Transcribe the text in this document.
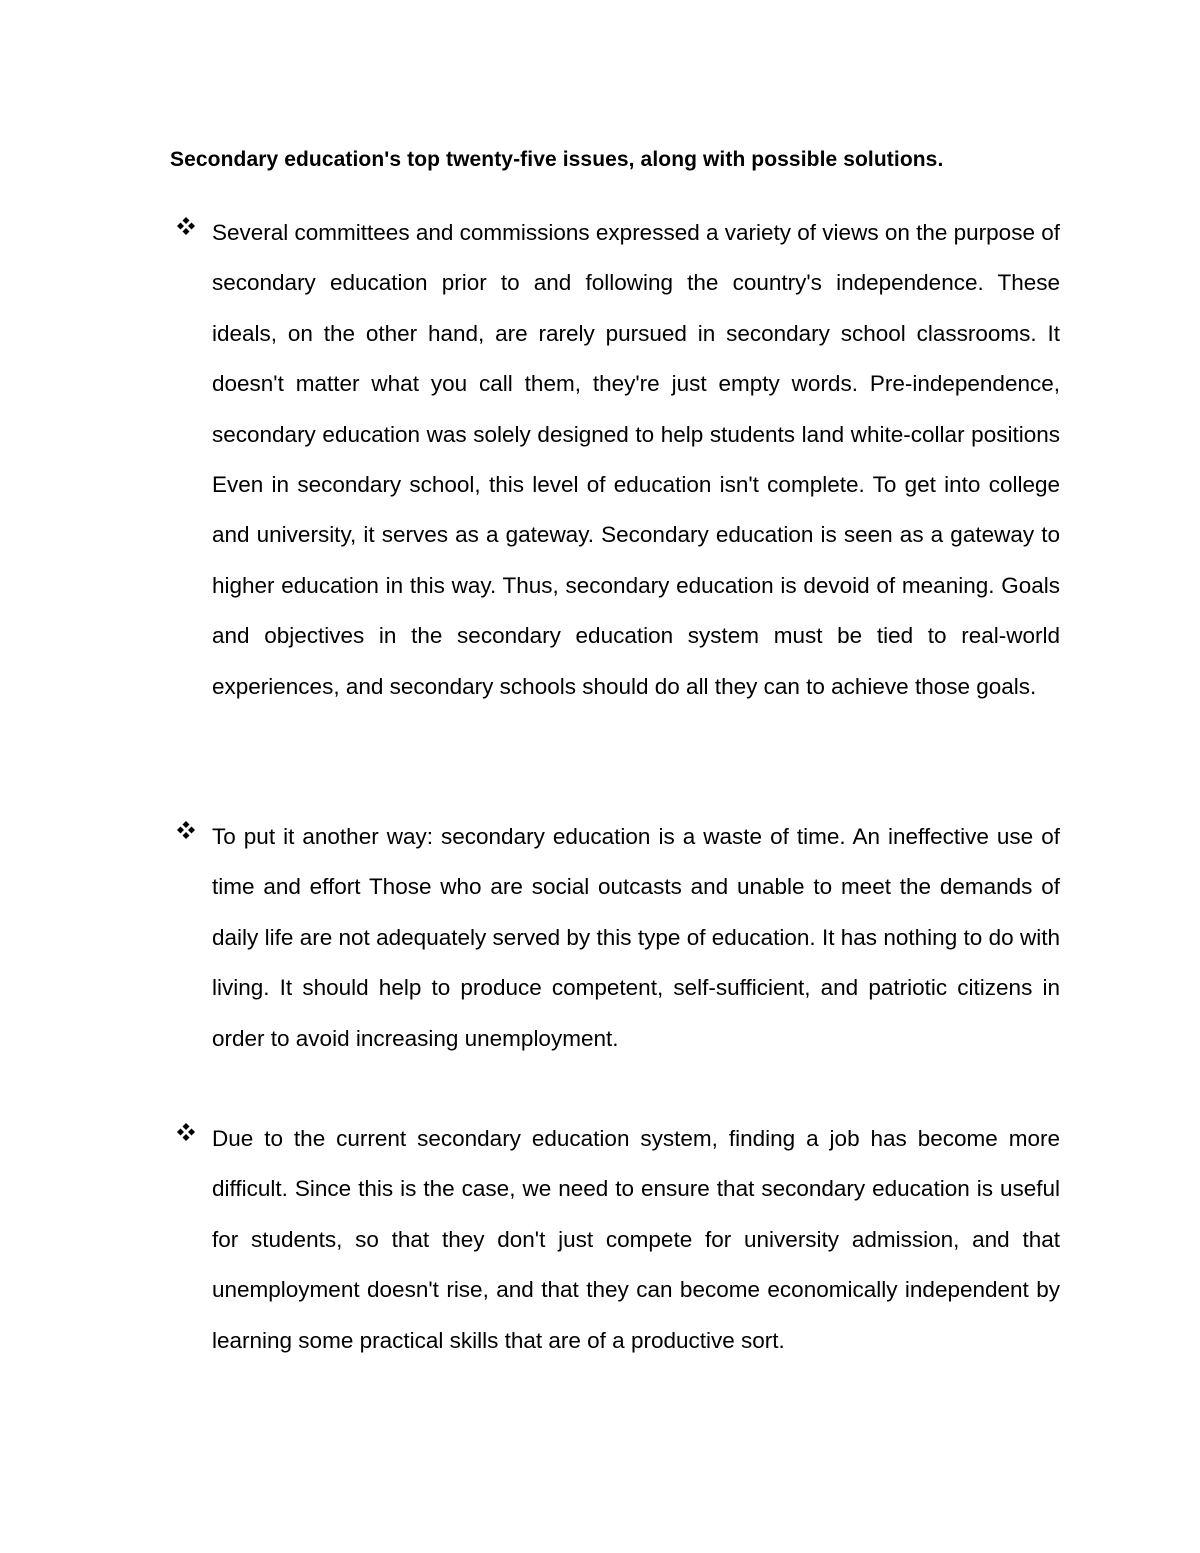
Secondary education's top twenty-five issues, along with possible solutions.

Several committees and commissions expressed a variety of views on the purpose of secondary education prior to and following the country's independence. These ideals, on the other hand, are rarely pursued in secondary school classrooms. It doesn't matter what you call them, they're just empty words. Pre-independence, secondary education was solely designed to help students land white-collar positions Even in secondary school, this level of education isn't complete. To get into college and university, it serves as a gateway. Secondary education is seen as a gateway to higher education in this way. Thus, secondary education is devoid of meaning. Goals and objectives in the secondary education system must be tied to real-world experiences, and secondary schools should do all they can to achieve those goals.

To put it another way: secondary education is a waste of time. An ineffective use of time and effort Those who are social outcasts and unable to meet the demands of daily life are not adequately served by this type of education. It has nothing to do with living. It should help to produce competent, self-sufficient, and patriotic citizens in order to avoid increasing unemployment.

Due to the current secondary education system, finding a job has become more difficult. Since this is the case, we need to ensure that secondary education is useful for students, so that they don't just compete for university admission, and that unemployment doesn't rise, and that they can become economically independent by learning some practical skills that are of a productive sort.
